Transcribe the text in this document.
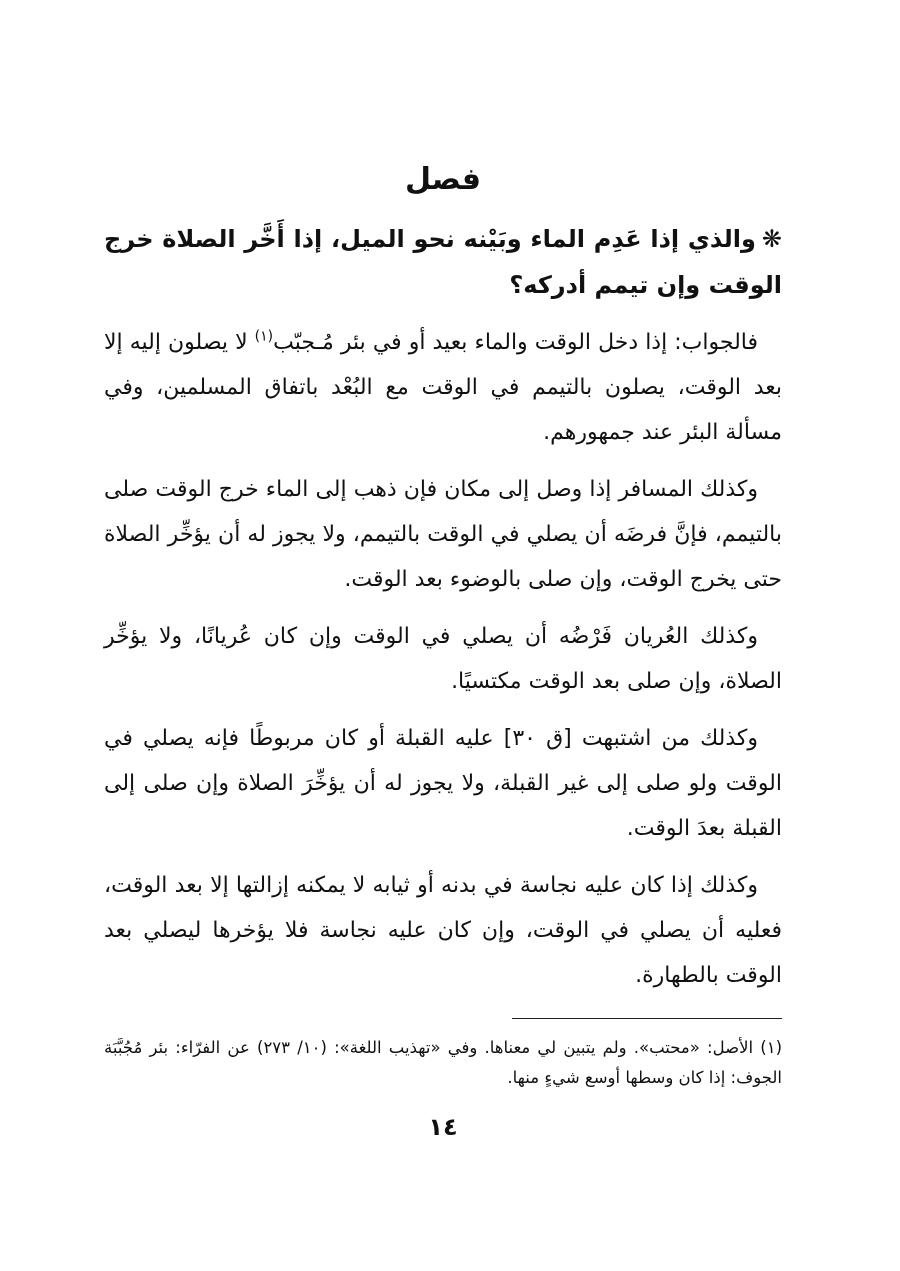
فصل

❋والذي إذا عَدِم الماء وبَيْنه نحو الميل، إذا أَخَّر الصلاة خرج الوقت وإن تيمم أدركه؟

فالجواب: إذا دخل الوقت والماء بعيد أو في بئر مُـجبّب$^{(١)}$ لا يصلون إليه إلا بعد الوقت، يصلون بالتيمم في الوقت مع البُعْد باتفاق المسلمين، وفي مسألة البئر عند جمهورهم.

وكذلك المسافر إذا وصل إلى مكان فإن ذهب إلى الماء خرج الوقت صلى بالتيمم، فإنَّ فرضَه أن يصلي في الوقت بالتيمم، ولا يجوز له أن يؤخِّر الصلاة حتى يخرج الوقت، وإن صلى بالوضوء بعد الوقت.

وكذلك العُريان فَرْضُه أن يصلي في الوقت وإن كان عُريانًا، ولا يؤخِّر الصلاة، وإن صلى بعد الوقت مكتسيًا.

وكذلك من اشتبهت [ق ٣٠] عليه القبلة أو كان مربوطًا فإنه يصلي في الوقت ولو صلى إلى غير القبلة، ولا يجوز له أن يؤخِّرَ الصلاة وإن صلى إلى القبلة بعدَ الوقت.

وكذلك إذا كان عليه نجاسة في بدنه أو ثيابه لا يمكنه إزالتها إلا بعد الوقت، فعليه أن يصلي في الوقت، وإن كان عليه نجاسة فلا يؤخرها ليصلي بعد الوقت بالطهارة.

(١) الأصل: «محتب». ولم يتبين لي معناها. وفي «تهذيب اللغة»: (١٠/ ٢٧٣) عن الفرّاء: بئر مُجُبَّبَة الجوف: إذا كان وسطها أوسع شيءٍ منها.

١٤
